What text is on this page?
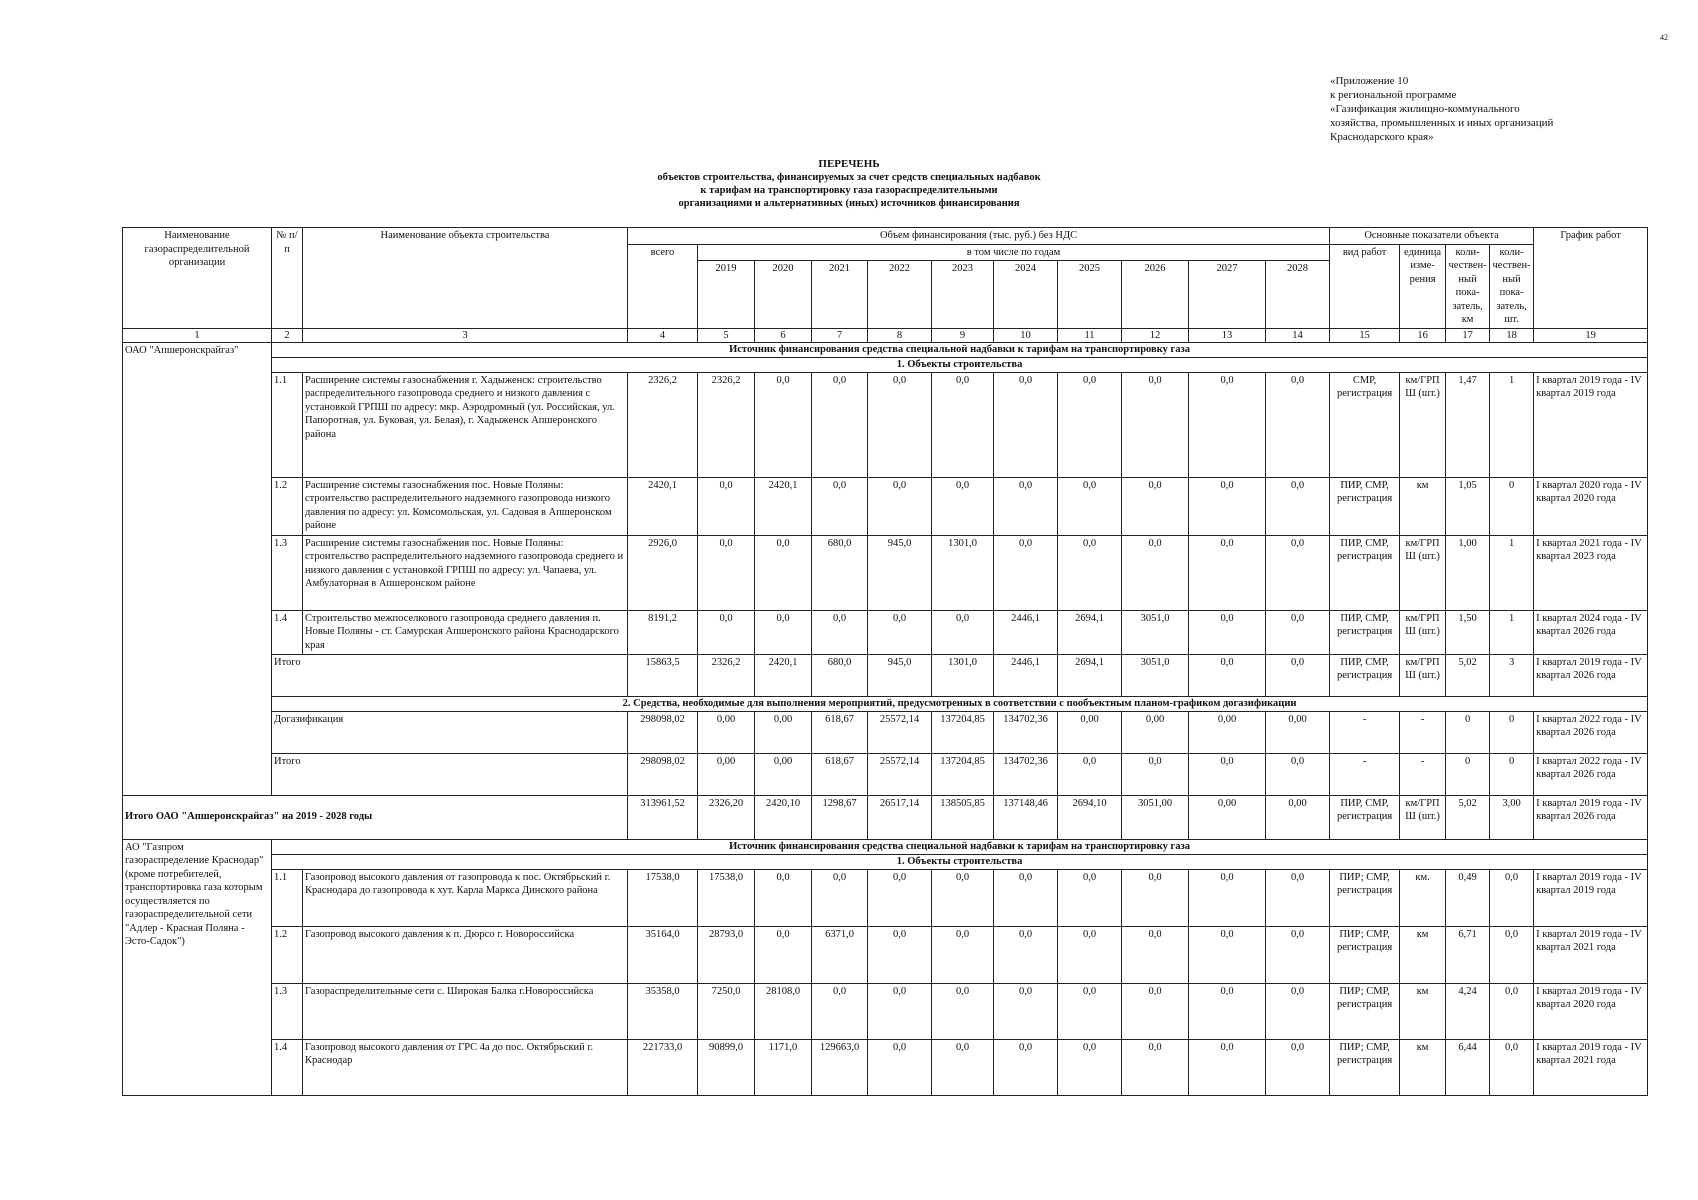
42
«Приложение 10
к региональной программе
«Газификация жилищно-коммунального
хозяйства, промышленных и иных организаций
Краснодарского края»
ПЕРЕЧЕНЬ
объектов строительства, финансируемых за счет средств специальных надбавок
к тарифам на транспортировку газа газораспределительными
организациями и альтернативных (иных) источников финансирования
Наименование газораспределительной организации	№ п/п	Наименование объекта строительства	Объем финансирования (тыс. руб.) без НДС											Основные показатели объекта				График работ
			всего	в том числе по годам										вид работ	единица изме-рения	коли-чествен-ный пока-затель, км	коли-чествен-ный пока-затель, шт.	
				2019	2020	2021	2022	2023	2024	2025	2026	2027	2028					

1	2	3	4	5	6	7	8	9	10	11	12	13	14	15	16	17	18	19
ОАО "Апшеронскрайгаз"	Источник финансирования средства специальной надбавки к тарифам на транспортировку газа																	
	1. Объекты строительства																	
	1.1	Расширение системы газоснабжения г. Хадыженск: строительство распределительного газопровода среднего и низкого давления с установкой ГРПШ по адресу: мкр. Аэродромный (ул. Российская, ул. Папоротная, ул. Буковая, ул. Белая), г. Хадыженск Апшеронского района	2326,2	2326,2	0,0	0,0	0,0	0,0	0,0	0,0	0,0	0,0	0,0	СМР, регистрация	км/ГРП Ш (шт.)	1,47	1	I квартал 2019 года - IV квартал 2019 года
	1.2	Расширение системы газоснабжения пос. Новые Поляны: строительство распределительного надземного газопровода низкого давления по адресу: ул. Комсомольская, ул. Садовая в Апшеронском районе	2420,1	0,0	2420,1	0,0	0,0	0,0	0,0	0,0	0,0	0,0	0,0	ПИР, СМР, регистрация	км	1,05	0	I квартал 2020 года - IV квартал 2020 года
	1.3	Расширение системы газоснабжения пос. Новые Поляны: строительство распределительного надземного газопровода среднего и низкого давления с установкой ГРПШ по адресу: ул. Чапаева, ул. Амбулаторная в Апшеронском районе	2926,0	0,0	0,0	680,0	945,0	1301,0	0,0	0,0	0,0	0,0	0,0	ПИР, СМР, регистрация	км/ГРП Ш (шт.)	1,00	1	I квартал 2021 года - IV квартал 2023 года
	1.4	Строительство межпоселкового газопровода среднего давления п. Новые Поляны - ст. Самурская Апшеронского района Краснодарского края	8191,2	0,0	0,0	0,0	0,0	0,0	2446,1	2694,1	3051,0	0,0	0,0	ПИР, СМР, регистрация	км/ГРП Ш (шт.)	1,50	1	I квартал 2024 года - IV квартал 2026 года
	Итого		15863,5	2326,2	2420,1	680,0	945,0	1301,0	2446,1	2694,1	3051,0	0,0	0,0	ПИР, СМР, регистрация	км/ГРП Ш (шт.)	5,02	3	I квартал 2019 года - IV квартал 2026 года
	2. Средства, необходимые для выполнения мероприятий, предусмотренных в соответствии с пообъектным планом-графиком догазификации																	
	Догазификация		298098,02	0,00	0,00	618,67	25572,14	137204,85	134702,36	0,00	0,00	0,00	0,00	-	-	0	0	I квартал 2022 года - IV квартал 2026 года
	Итого		298098,02	0,00	0,00	618,67	25572,14	137204,85	134702,36	0,0	0,0	0,0	0,0	-	-	0	0	I квартал 2022 года - IV квартал 2026 года
Итого ОАО "Апшеронскрайгаз" на 2019 - 2028 годы			313961,52	2326,20	2420,10	1298,67	26517,14	138505,85	137148,46	2694,10	3051,00	0,00	0,00	ПИР, СМР, регистрация	км/ГРП Ш (шт.)	5,02	3,00	I квартал 2019 года - IV квартал 2026 года
АО "Газпром газораспределение Краснодар" (кроме потребителей, транспортировка газа которым осуществляется по газораспределительной сети "Адлер - Красная Поляна - Эсто-Садок")	Источник финансирования средства специальной надбавки к тарифам на транспортировку газа																	
	1. Объекты строительства																	
	1.1	Газопровод высокого давления от газопровода к пос. Октябрьский г. Краснодара до газопровода к хут. Карла Маркса Динского района	17538,0	17538,0	0,0	0,0	0,0	0,0	0,0	0,0	0,0	0,0	0,0	ПИР; СМР, регистрация	км.	0,49	0,0	I квартал 2019 года - IV квартал 2019 года
	1.2	Газопровод высокого давления к п. Дюрсо г. Новороссийска	35164,0	28793,0	0,0	6371,0	0,0	0,0	0,0	0,0	0,0	0,0	0,0	ПИР; СМР, регистрация	км	6,71	0,0	I квартал 2019 года - IV квартал 2021 года
	1.3	Газораспределительные сети с. Широкая Балка г.Новороссийска	35358,0	7250,0	28108,0	0,0	0,0	0,0	0,0	0,0	0,0	0,0	0,0	ПИР; СМР, регистрация	км	4,24	0,0	I квартал 2019 года - IV квартал 2020 года
	1.4	Газопровод высокого давления от ГРС 4а до пос. Октябрьский г. Краснодар	221733,0	90899,0	1171,0	129663,0	0,0	0,0	0,0	0,0	0,0	0,0	0,0	ПИР; СМР, регистрация	км	6,44	0,0	I квартал 2019 года - IV квартал 2021 года
